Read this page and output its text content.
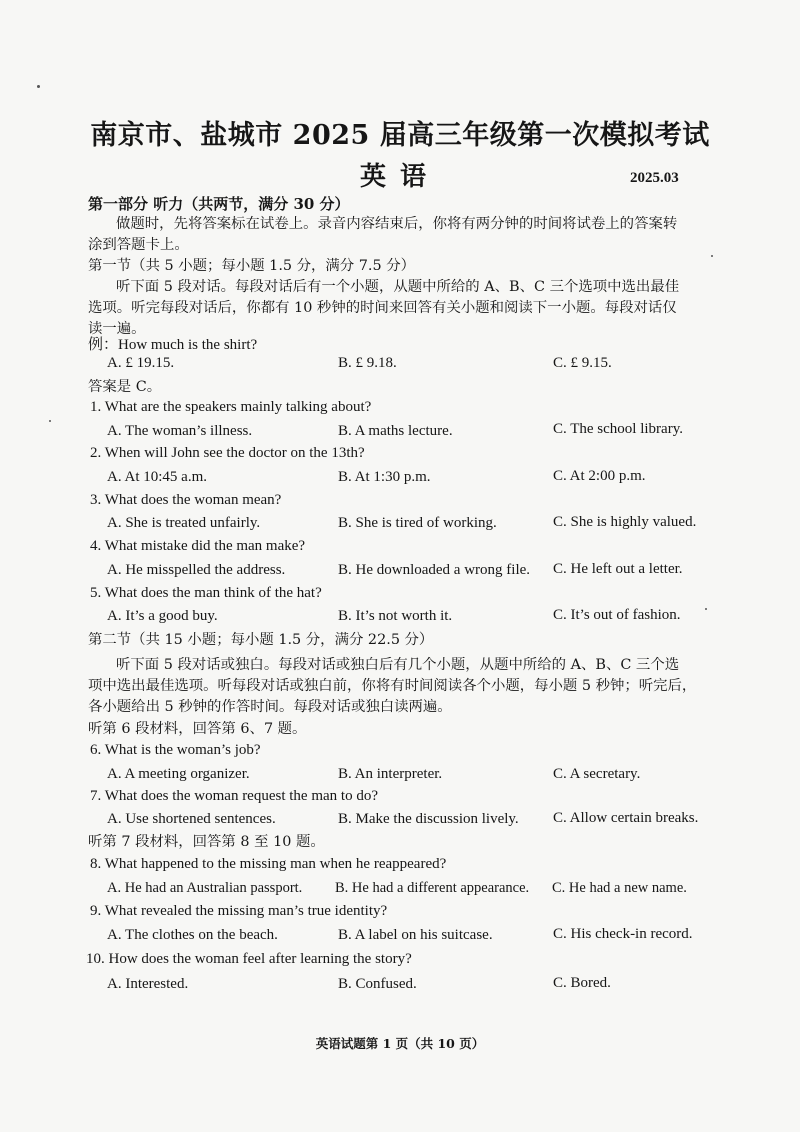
南京市、盐城市 2025 届高三年级第一次模拟考试
英语	2025.03
第一部分 听力（共两节，满分 30 分）
做题时，先将答案标在试卷上。录音内容结束后，你将有两分钟的时间将试卷上的答案转
涂到答题卡上。
第一节（共 5 小题；每小题 1.5 分，满分 7.5 分）
听下面 5 段对话。每段对话后有一个小题，从题中所给的 A、B、C 三个选项中选出最佳
选项。听完每段对话后，你都有 10 秒钟的时间来回答有关小题和阅读下一小题。每段对话仅
读一遍。
例：How much is the shirt?
A. £ 19.15.	B. £ 9.18.	C. £ 9.15.
答案是 C。
1. What are the speakers mainly talking about?
A. The woman’s illness.	B. A maths lecture.	C. The school library.
2. When will John see the doctor on the 13th?
A. At 10:45 a.m.	B. At 1:30 p.m.	C. At 2:00 p.m.
3. What does the woman mean?
A. She is treated unfairly.	B. She is tired of working.	C. She is highly valued.
4. What mistake did the man make?
A. He misspelled the address.	B. He downloaded a wrong file. C. He left out a letter.
5. What does the man think of the hat?
A. It’s a good buy.	B. It’s not worth it.	C. It’s out of fashion.
第二节（共 15 小题；每小题 1.5 分，满分 22.5 分）
听下面 5 段对话或独白。每段对话或独白后有几个小题，从题中所给的 A、B、C 三个选
项中选出最佳选项。听每段对话或独白前，你将有时间阅读各个小题，每小题 5 秒钟；听完后，
各小题给出 5 秒钟的作答时间。每段对话或独白读两遍。
听第 6 段材料，回答第 6、7 题。
6. What is the woman’s job?
A. A meeting organizer.	B. An interpreter.	C. A secretary.
7. What does the woman request the man to do?
A. Use shortened sentences.	B. Make the discussion lively. C. Allow certain breaks.
听第 7 段材料，回答第 8 至 10 题。
8. What happened to the missing man when he reappeared?
A. He had an Australian passport. B. He had a different appearance. C. He had a new name.
9. What revealed the missing man’s true identity?
A. The clothes on the beach.	B. A label on his suitcase.	C. His check-in record.
10. How does the woman feel after learning the story?
A. Interested.	B. Confused.	C. Bored.
英语试题第 1 页（共 10 页）
